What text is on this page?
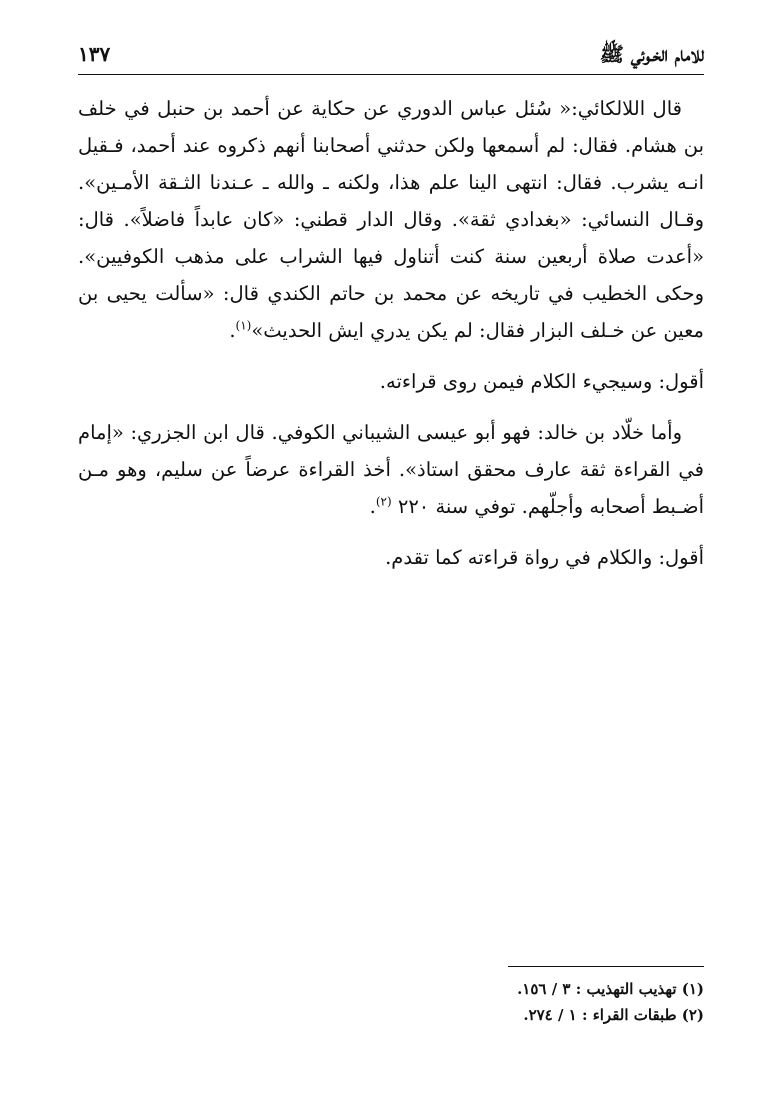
للامام الخـوئي ﷺ
١٣٧

قال اللالكائي:« سُئل عباس الدوري عن حكاية عن أحمد بن حنبل في خلف بن هشام. فقال: لم أسمعها ولكن حدثني أصحابنا أنهم ذكروه عند أحمد، فـقيل انـه يشرب. فقال: انتهى الينا علم هذا، ولكنه ـ والله ـ عـندنا الثـقة الأمـين». وقـال النسائي: «بغدادي ثقة». وقال الدار قطني: «كان عابداً فاضلاً». قال: «أعدت صلاة أربعين سنة كنت أتناول فيها الشراب على مذهب الكوفيين». وحكى الخطيب في تاريخه عن محمد بن حاتم الكندي قال: «سألت يحيى بن معين عن خـلف البزار فقال: لم يكن يدري ايش الحديث»$^{(١)}$.

أقول: وسيجيء الكلام فيمن روى قراءته.

وأما خلّاد بن خالد: فهو أبو عيسى الشيباني الكوفي. قال ابن الجزري: «إمام في القراءة ثقة عارف محقق استاذ». أخذ القراءة عرضاً عن سليم، وهو مـن أضـبط أصحابه وأجلّهم. توفي سنة ٢٢٠ $^{(٢)}$.

أقول: والكلام في رواة قراءته كما تقدم.

(١) تهذيب التهذيب : ٣ / ١٥٦.

(٢) طبقات القراء : ١ / ٢٧٤.
